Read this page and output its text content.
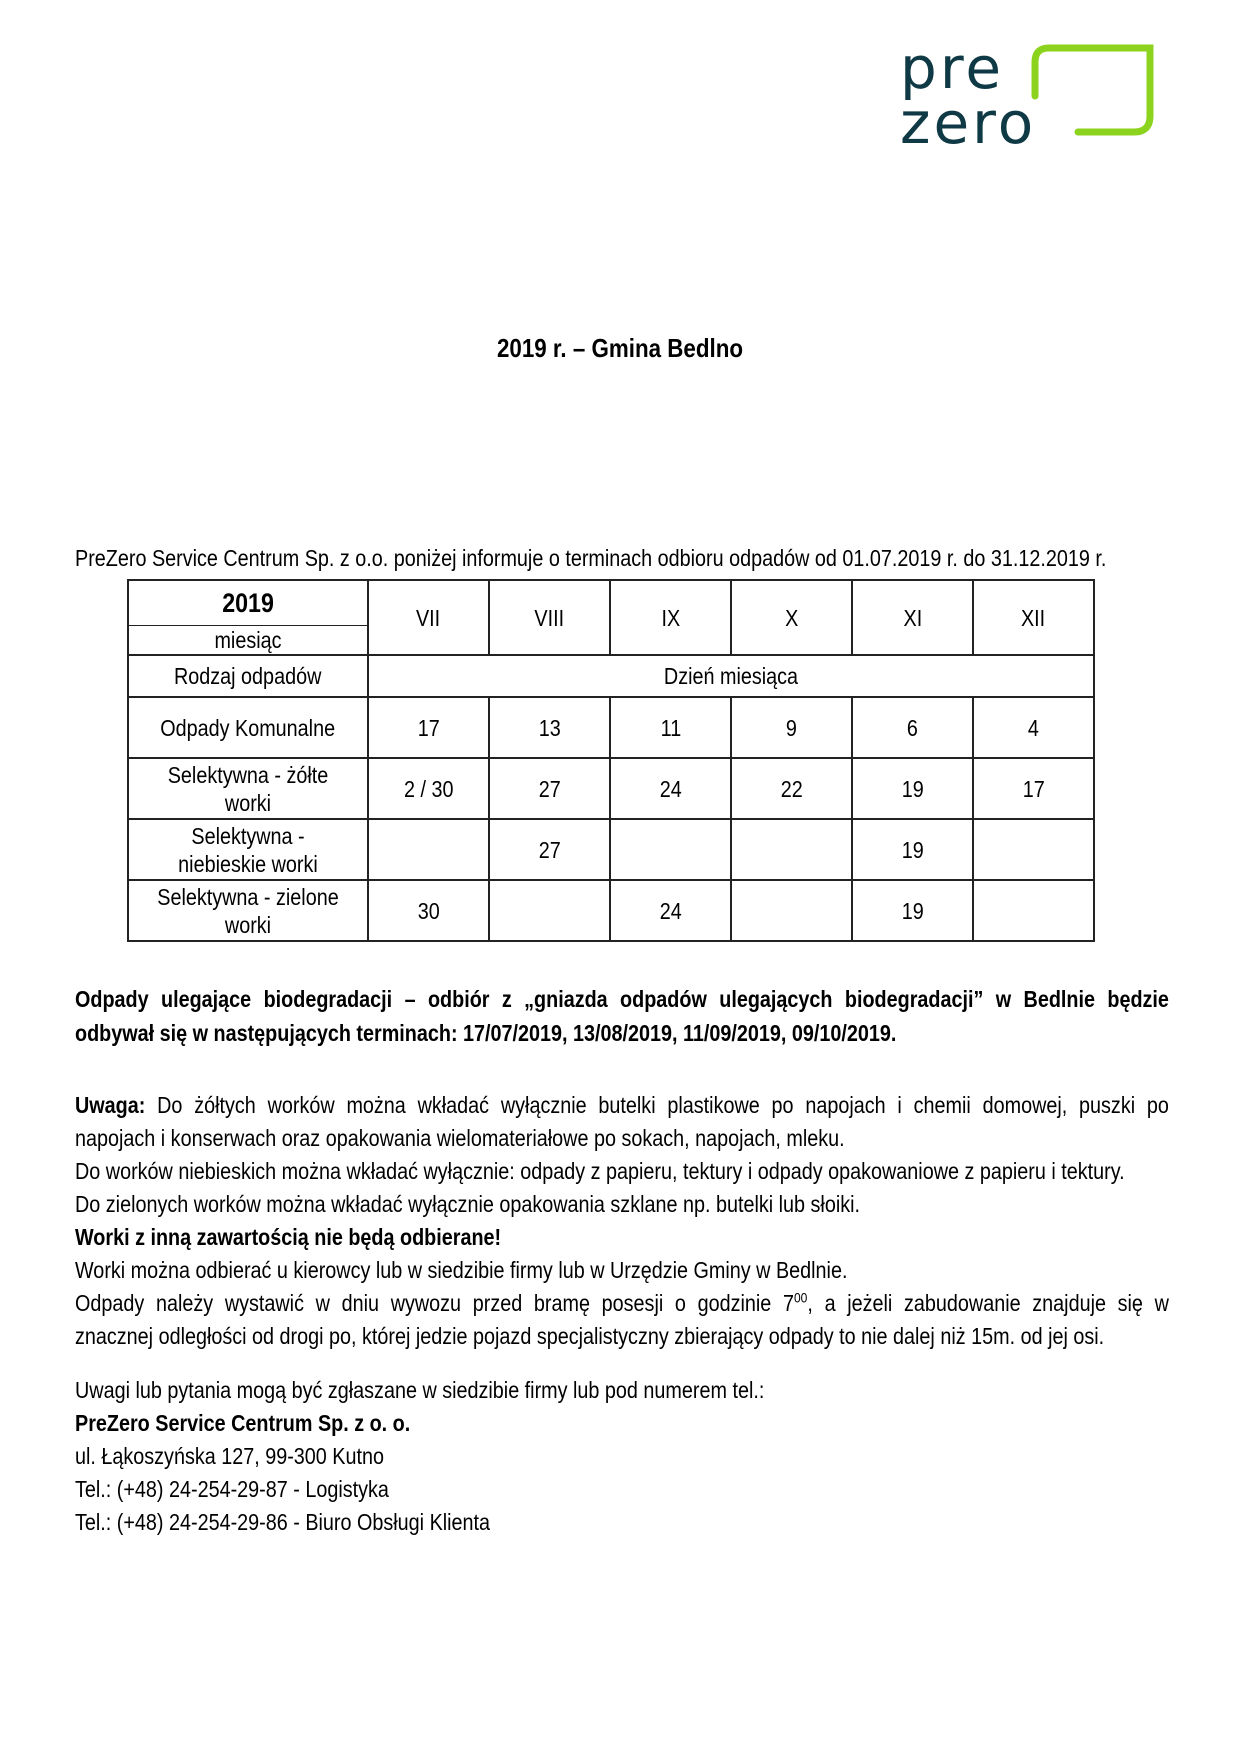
pre
zero
2019 r. – Gmina Bedlno
PreZero Service Centrum Sp. z o.o. poniżej informuje o terminach odbioru odpadów od 01.07.2019 r. do 31.12.2019 r.
2019	VII	VIII	IX	X	XI	XII
miesiąc						
Rodzaj odpadów	Dzień miesiąca					
Odpady Komunalne	17	13	11	9	6	4
Selektywna - żółte worki	2 / 30	27	24	22	19	17
Selektywna - niebieskie worki		27			19	
Selektywna - zielone worki	30		24		19	
Odpady ulegające biodegradacji – odbiór z „gniazda odpadów ulegających biodegradacji” w Bedlnie będzie
odbywał się w następujących terminach: 17/07/2019, 13/08/2019, 11/09/2019, 09/10/2019.
Uwaga: Do żółtych worków można wkładać wyłącznie butelki plastikowe po napojach i chemii domowej, puszki po
napojach i konserwach oraz opakowania wielomateriałowe po sokach, napojach, mleku.
Do worków niebieskich można wkładać wyłącznie: odpady z papieru, tektury i odpady opakowaniowe z papieru i tektury.
Do zielonych worków można wkładać wyłącznie opakowania szklane np. butelki lub słoiki.
Worki z inną zawartością nie będą odbierane!
Worki można odbierać u kierowcy lub w siedzibie firmy lub w Urzędzie Gminy w Bedlnie.
Odpady należy wystawić w dniu wywozu przed bramę posesji o godzinie $7^{00}$, a jeżeli zabudowanie znajduje się w
znacznej odległości od drogi po, której jedzie pojazd specjalistyczny zbierający odpady to nie dalej niż 15m. od jej osi.
Uwagi lub pytania mogą być zgłaszane w siedzibie firmy lub pod numerem tel.:
PreZero Service Centrum Sp. z o. o.
ul. Łąkoszyńska 127, 99-300 Kutno
Tel.: (+48) 24-254-29-87 - Logistyka
Tel.: (+48) 24-254-29-86 - Biuro Obsługi Klienta
